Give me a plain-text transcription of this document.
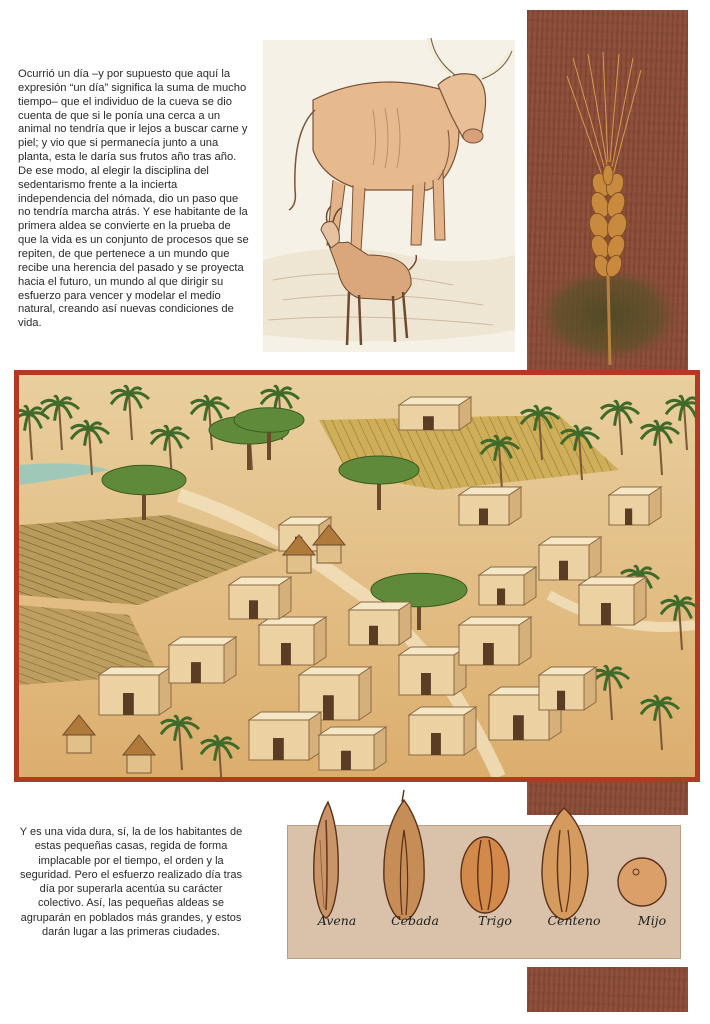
Ocurrió un día –y por supuesto que aquí la expresión “un día” significa la suma de mucho tiempo– que el individuo de la cueva se dio cuenta de que si le ponía una cerca a un animal no tendría que ir lejos a buscar carne y piel; y vio que si permanecía junto a una planta, esta le daría sus frutos año tras año. De ese modo, al elegir la disciplina del sedentarismo frente a la incierta independencia del nómada, dio un paso que no tendría marcha atrás. Y ese habitante de la primera aldea se convierte en la prueba de que la vida es un conjunto de procesos que se repiten, de que pertenece a un mundo que recibe una herencia del pasado y se proyecta hacia el futuro, un mundo al que dirigir su esfuerzo para vencer y modelar el medio natural, creando así nuevas condiciones de vida.

Y es una vida dura, sí, la de los habitantes de estas pequeñas casas, regida de forma implacable por el tiempo, el orden y la seguridad. Pero el esfuerzo realizado día tras día por superarla acentúa su carácter colectivo. Así, las pequeñas aldeas se agruparán en poblados más grandes, y estos darán lugar a las primeras ciudades.

Avena	Cebada	Trigo	Centeno	Mijo
